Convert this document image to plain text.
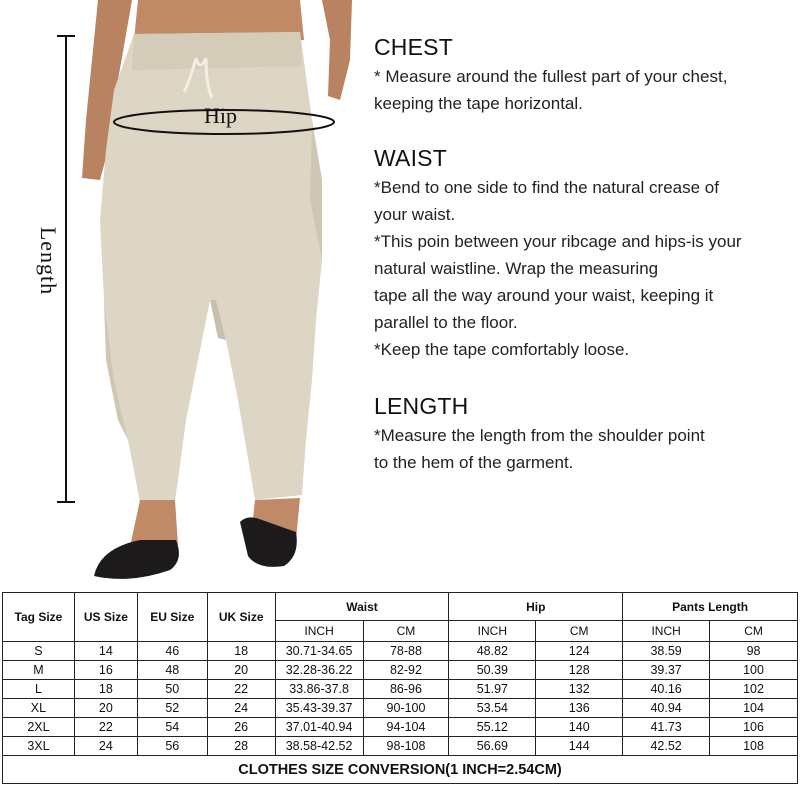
Hip
Length
CHEST
* Measure around the fullest part of your chest,
keeping the tape horizontal.
WAIST
*Bend to one side to find the natural crease of
your waist.
*This poin between your ribcage and hips-is your
natural waistline. Wrap the measuring
tape all the way around your waist, keeping it
parallel to the floor.
*Keep the tape comfortably loose.
LENGTH
*Measure the length from the shoulder point
to the hem of the garment.
Tag Size	US Size	EU Size	UK Size	Waist		Hip		Pants Length	
				INCH	CM	INCH	CM	INCH	CM
S	14	46	18	30.71-34.65	78-88	48.82	124	38.59	98
M	16	48	20	32.28-36.22	82-92	50.39	128	39.37	100
L	18	50	22	33.86-37.8	86-96	51.97	132	40.16	102
XL	20	52	24	35.43-39.37	90-100	53.54	136	40.94	104
2XL	22	54	26	37.01-40.94	94-104	55.12	140	41.73	106
3XL	24	56	28	38.58-42.52	98-108	56.69	144	42.52	108
CLOTHES SIZE CONVERSION(1 INCH=2.54CM)									
